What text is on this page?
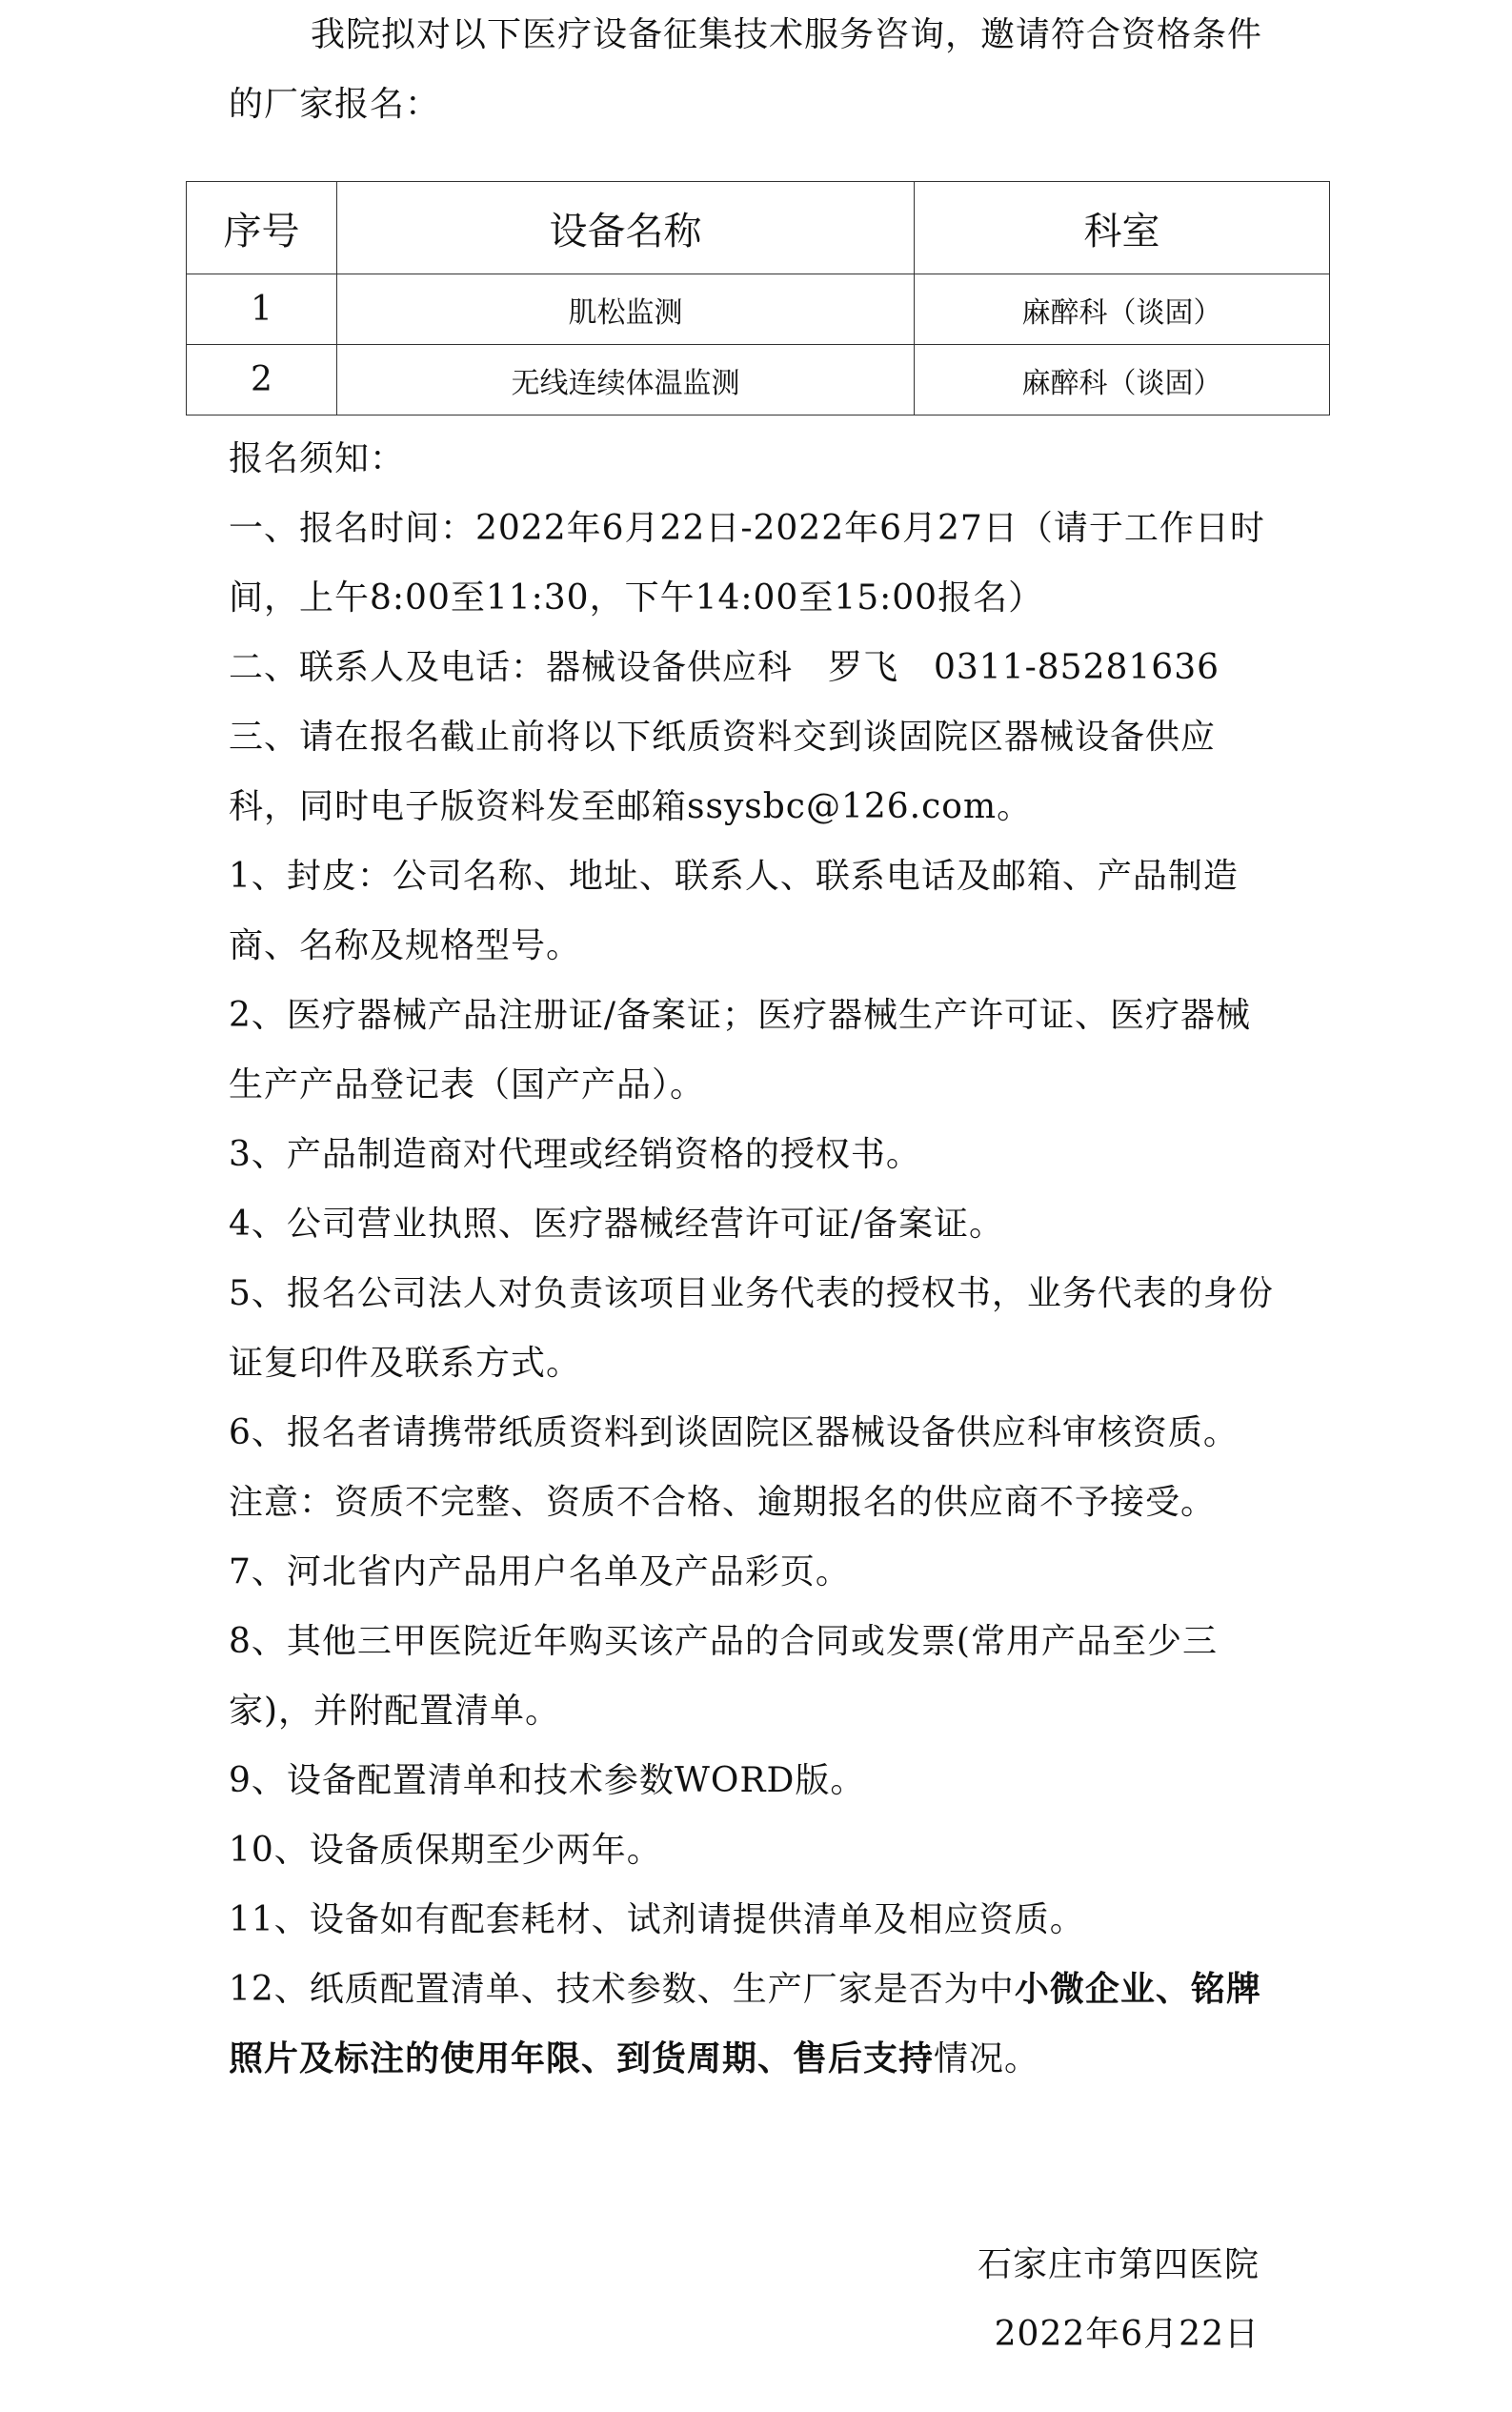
我院拟对以下医疗设备征集技术服务咨询，邀请符合资格条件的厂家报名：

序号	设备名称	科室
1	肌松监测	麻醉科（谈固）
2	无线连续体温监测	麻醉科（谈固）

报名须知：

一、报名时间：2022年6月22日-2022年6月27日（请于工作日时间，上午8:00至11:30，下午14:00至15:00报名）

二、联系人及电话：器械设备供应科　罗飞　0311-85281636

三、请在报名截止前将以下纸质资料交到谈固院区器械设备供应科，同时电子版资料发至邮箱ssysbc@126.com。

1、封皮：公司名称、地址、联系人、联系电话及邮箱、产品制造商、名称及规格型号。

2、医疗器械产品注册证/备案证；医疗器械生产许可证、医疗器械生产产品登记表（国产产品）。

3、产品制造商对代理或经销资格的授权书。

4、公司营业执照、医疗器械经营许可证/备案证。

5、报名公司法人对负责该项目业务代表的授权书，业务代表的身份证复印件及联系方式。

6、报名者请携带纸质资料到谈固院区器械设备供应科审核资质。

注意：资质不完整、资质不合格、逾期报名的供应商不予接受。

7、河北省内产品用户名单及产品彩页。

8、其他三甲医院近年购买该产品的合同或发票(常用产品至少三家)，并附配置清单。

9、设备配置清单和技术参数WORD版。

10、设备质保期至少两年。

11、设备如有配套耗材、试剂请提供清单及相应资质。

12、纸质配置清单、技术参数、生产厂家是否为中小微企业、铭牌照片及标注的使用年限、到货周期、售后支持情况。

石家庄市第四医院
2022年6月22日
